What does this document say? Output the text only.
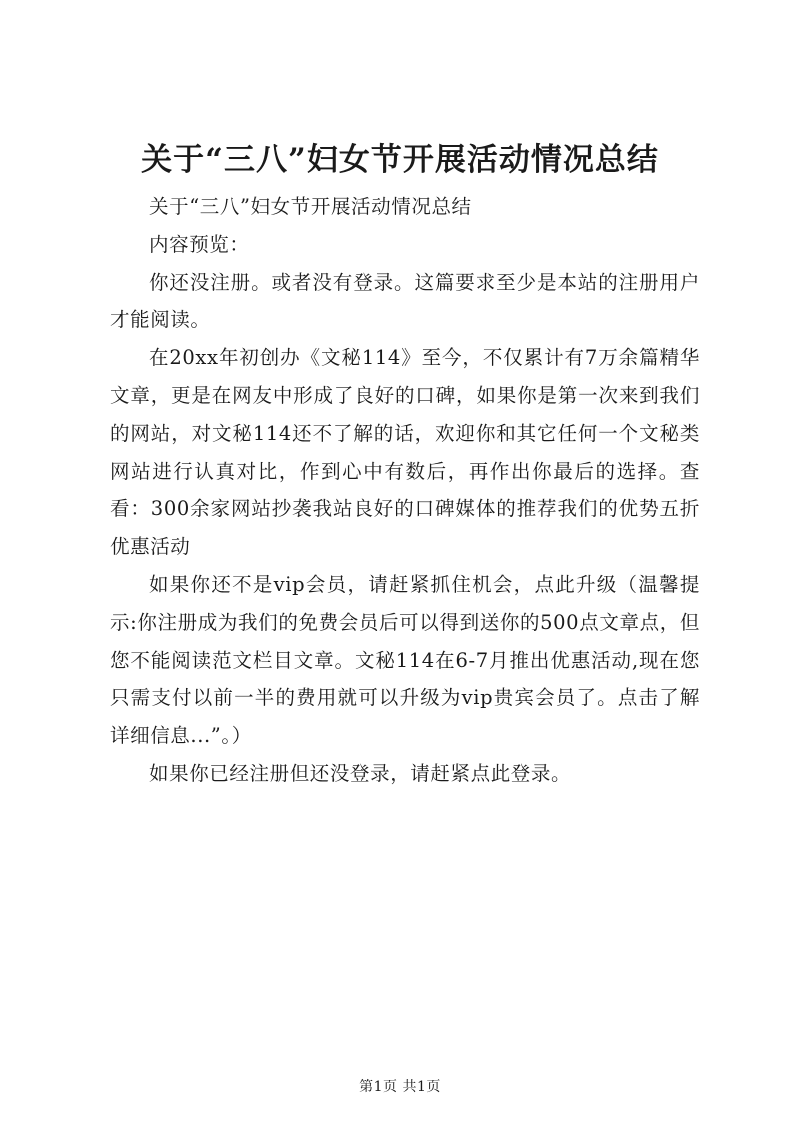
关于“三八”妇女节开展活动情况总结

关于“三八”妇女节开展活动情况总结

内容预览：

你还没注册。或者没有登录。这篇要求至少是本站的注册用户才能阅读。

在20xx年初创办《文秘114》至今，不仅累计有7万余篇精华文章，更是在网友中形成了良好的口碑，如果你是第一次来到我们的网站，对文秘114还不了解的话，欢迎你和其它任何一个文秘类网站进行认真对比，作到心中有数后，再作出你最后的选择。查看：300余家网站抄袭我站良好的口碑媒体的推荐我们的优势五折优惠活动

如果你还不是vip会员，请赶紧抓住机会，点此升级（温馨提示:你注册成为我们的免费会员后可以得到送你的500点文章点，但您不能阅读范文栏目文章。文秘114在6-7月推出优惠活动,现在您只需支付以前一半的费用就可以升级为vip贵宾会员了。点击了解详细信息...”。）

如果你已经注册但还没登录，请赶紧点此登录。

第1页 共1页
